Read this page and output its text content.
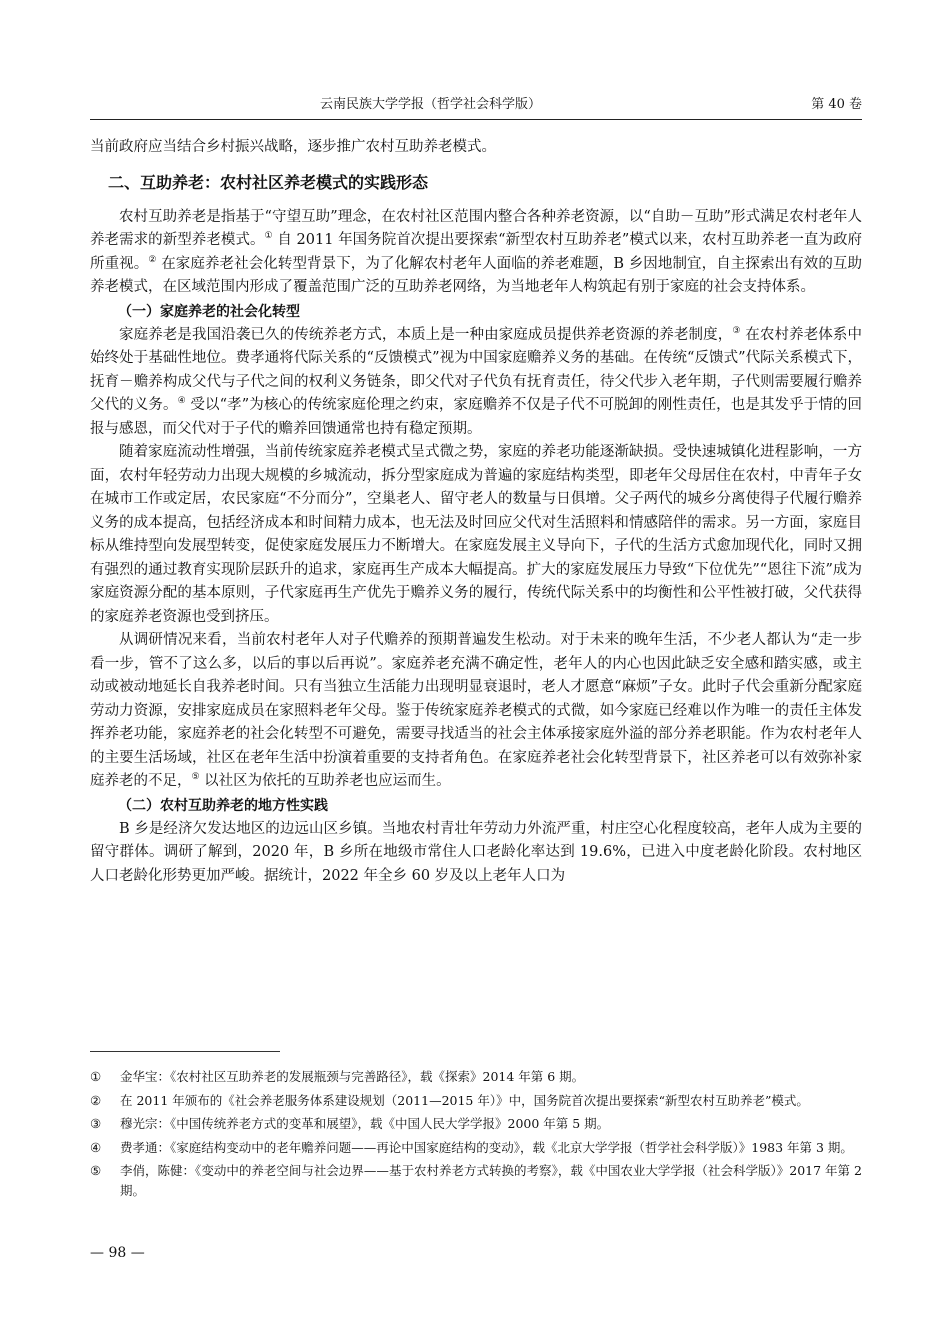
云南民族大学学报（哲学社会科学版）	第 40 卷

当前政府应当结合乡村振兴战略，逐步推广农村互助养老模式。

二、互助养老：农村社区养老模式的实践形态

农村互助养老是指基于“守望互助”理念，在农村社区范围内整合各种养老资源，以“自助－互助”形式满足农村老年人养老需求的新型养老模式。① 自 2011 年国务院首次提出要探索“新型农村互助养老”模式以来，农村互助养老一直为政府所重视。② 在家庭养老社会化转型背景下，为了化解农村老年人面临的养老难题，B 乡因地制宜，自主探索出有效的互助养老模式，在区域范围内形成了覆盖范围广泛的互助养老网络，为当地老年人构筑起有别于家庭的社会支持体系。

（一）家庭养老的社会化转型

家庭养老是我国沿袭已久的传统养老方式，本质上是一种由家庭成员提供养老资源的养老制度，③ 在农村养老体系中始终处于基础性地位。费孝通将代际关系的“反馈模式”视为中国家庭赡养义务的基础。在传统“反馈式”代际关系模式下，抚育－赡养构成父代与子代之间的权利义务链条，即父代对子代负有抚育责任，待父代步入老年期，子代则需要履行赡养父代的义务。④ 受以“孝”为核心的传统家庭伦理之约束，家庭赡养不仅是子代不可脱卸的刚性责任，也是其发乎于情的回报与感恩，而父代对于子代的赡养回馈通常也持有稳定预期。

随着家庭流动性增强，当前传统家庭养老模式呈式微之势，家庭的养老功能逐渐缺损。受快速城镇化进程影响，一方面，农村年轻劳动力出现大规模的乡城流动，拆分型家庭成为普遍的家庭结构类型，即老年父母居住在农村，中青年子女在城市工作或定居，农民家庭“不分而分”，空巢老人、留守老人的数量与日俱增。父子两代的城乡分离使得子代履行赡养义务的成本提高，包括经济成本和时间精力成本，也无法及时回应父代对生活照料和情感陪伴的需求。另一方面，家庭目标从维持型向发展型转变，促使家庭发展压力不断增大。在家庭发展主义导向下，子代的生活方式愈加现代化，同时又拥有强烈的通过教育实现阶层跃升的追求，家庭再生产成本大幅提高。扩大的家庭发展压力导致“下位优先”“恩往下流”成为家庭资源分配的基本原则，子代家庭再生产优先于赡养义务的履行，传统代际关系中的均衡性和公平性被打破，父代获得的家庭养老资源也受到挤压。

从调研情况来看，当前农村老年人对子代赡养的预期普遍发生松动。对于未来的晚年生活，不少老人都认为“走一步看一步，管不了这么多，以后的事以后再说”。家庭养老充满不确定性，老年人的内心也因此缺乏安全感和踏实感，或主动或被动地延长自我养老时间。只有当独立生活能力出现明显衰退时，老人才愿意“麻烦”子女。此时子代会重新分配家庭劳动力资源，安排家庭成员在家照料老年父母。鉴于传统家庭养老模式的式微，如今家庭已经难以作为唯一的责任主体发挥养老功能，家庭养老的社会化转型不可避免，需要寻找适当的社会主体承接家庭外溢的部分养老职能。作为农村老年人的主要生活场域，社区在老年生活中扮演着重要的支持者角色。在家庭养老社会化转型背景下，社区养老可以有效弥补家庭养老的不足，⑤ 以社区为依托的互助养老也应运而生。

（二）农村互助养老的地方性实践

B 乡是经济欠发达地区的边远山区乡镇。当地农村青壮年劳动力外流严重，村庄空心化程度较高，老年人成为主要的留守群体。调研了解到，2020 年，B 乡所在地级市常住人口老龄化率达到 19.6%，已进入中度老龄化阶段。农村地区人口老龄化形势更加严峻。据统计，2022 年全乡 60 岁及以上老年人口为

①	金华宝：《农村社区互助养老的发展瓶颈与完善路径》，载《探索》2014 年第 6 期。
②	在 2011 年颁布的《社会养老服务体系建设规划（2011—2015 年）》中，国务院首次提出要探索“新型农村互助养老”模式。
③	穆光宗：《中国传统养老方式的变革和展望》，载《中国人民大学学报》2000 年第 5 期。
④	费孝通：《家庭结构变动中的老年赡养问题——再论中国家庭结构的变动》，载《北京大学学报（哲学社会科学版）》1983 年第 3 期。
⑤	李俏，陈健：《变动中的养老空间与社会边界——基于农村养老方式转换的考察》，载《中国农业大学学报（社会科学版）》2017 年第 2 期。
— 98 —
